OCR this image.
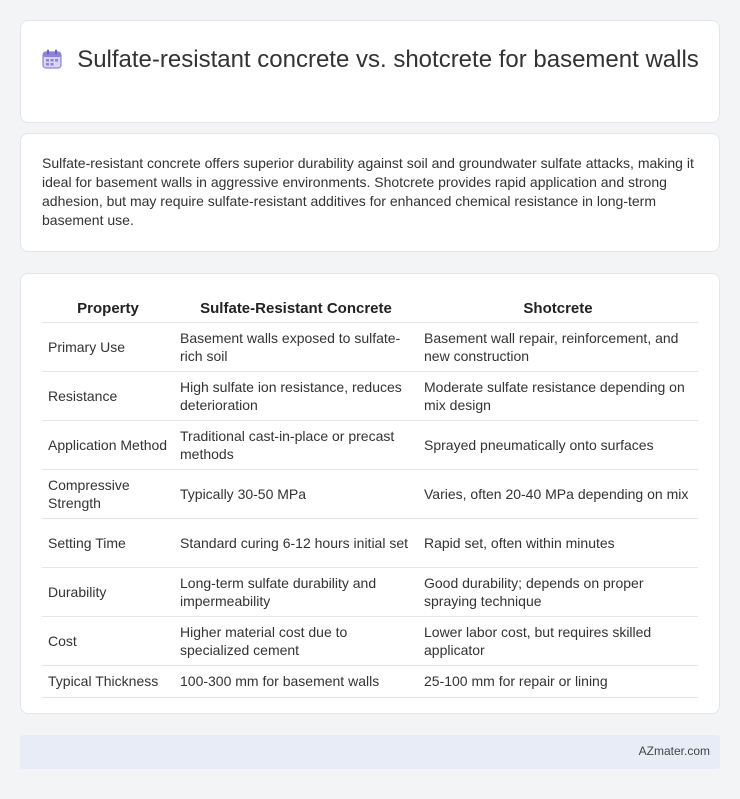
Sulfate-resistant concrete vs. shotcrete for basement walls

Sulfate-resistant concrete offers superior durability against soil and groundwater sulfate attacks, making it ideal for basement walls in aggressive environments. Shotcrete provides rapid application and strong adhesion, but may require sulfate-resistant additives for enhanced chemical resistance in long-term basement use.

Property	Sulfate-Resistant Concrete	Shotcrete
Primary Use	Basement walls exposed to sulfate-rich soil	Basement wall repair, reinforcement, and new construction
Resistance	High sulfate ion resistance, reduces deterioration	Moderate sulfate resistance depending on mix design
Application Method	Traditional cast-in-place or precast methods	Sprayed pneumatically onto surfaces
Compressive Strength	Typically 30-50 MPa	Varies, often 20-40 MPa depending on mix
Setting Time	Standard curing 6-12 hours initial set	Rapid set, often within minutes
Durability	Long-term sulfate durability and impermeability	Good durability; depends on proper spraying technique
Cost	Higher material cost due to specialized cement	Lower labor cost, but requires skilled applicator
Typical Thickness	100-300 mm for basement walls	25-100 mm for repair or lining
AZmater.com
